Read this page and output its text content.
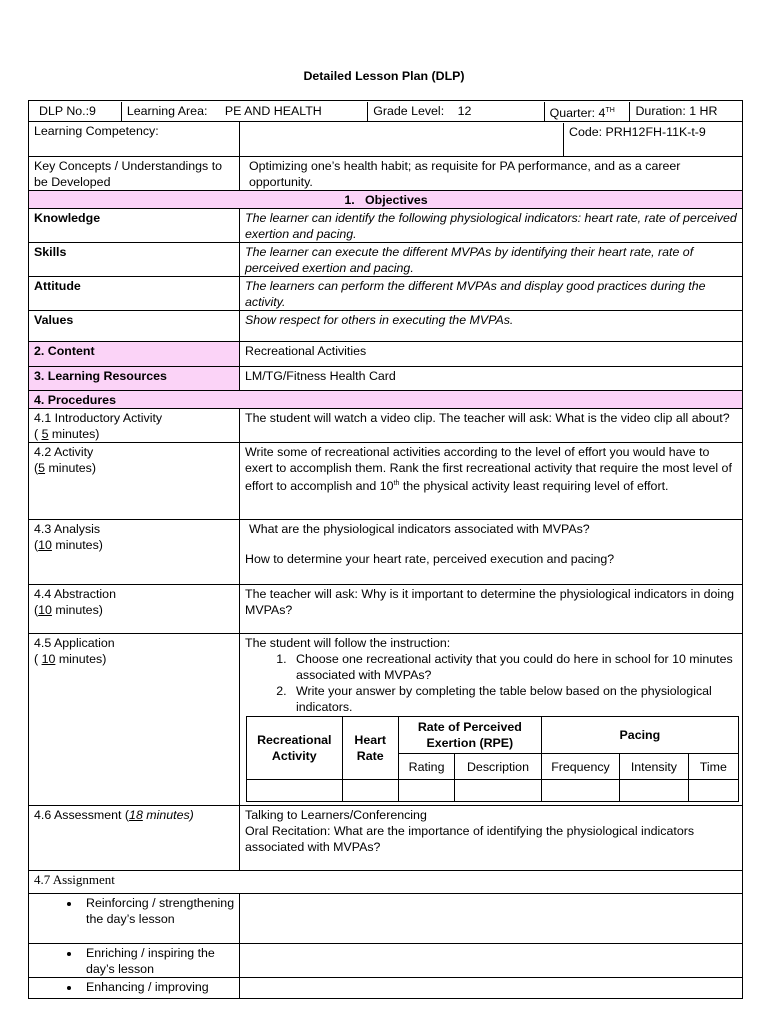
Detailed Lesson Plan (DLP)
DLP No.:9	Learning Area: PE AND HEALTH	Grade Level: 12	Quarter: 4TH	Duration: 1 HR

Learning Competency:	Code: PRH12FH-11K-t-9

Key Concepts / Understandings to be Developed	Optimizing one’s health habit; as requisite for PA performance, and as a career opportunity.
1. Objectives
Knowledge	The learner can identify the following physiological indicators: heart rate, rate of perceived exertion and pacing.
Skills	The learner can execute the different MVPAs by identifying their heart rate, rate of perceived exertion and pacing.
Attitude	The learners can perform the different MVPAs and display good practices during the activity.
Values	Show respect for others in executing the MVPAs.
2. Content	Recreational Activities
3. Learning Resources	LM/TG/Fitness Health Card
4. Procedures

4.1 Introductory Activity
( 5 minutes)
	The student will watch a video clip. The teacher will ask: What is the video clip all about?

4.2 Activity
(5 minutes)
	Write some of recreational activities according to the level of effort you would have to exert to accomplish them. Rank the first recreational activity that require the most level of effort to accomplish and 10th the physical activity least requiring level of effort.

4.3 Analysis
(10 minutes)

What are the physiological indicators associated with MVPAs?
How to determine your heart rate, perceived execution and pacing?

4.4 Abstraction
(10 minutes)
	The teacher will ask: Why is it important to determine the physiological indicators in doing MVPAs?

4.5 Application
( 10 minutes)

The student will follow the instruction:
1. Choose one recreational activity that you could do here in school for 10 minutes associated with MVPAs?
2. Write your answer by completing the table below based on the physiological indicators.
Recreational Activity	Heart Rate	Rate of Perceived Exertion (RPE)	Pacing
Rating	Description	Frequency	Intensity	Time

4.6 Assessment (18 minutes)	Talking to Learners/Conferencing
Oral Recitation: What are the importance of identifying the physiological indicators associated with MVPAs?

4.7 Assignment

• Reinforcing / strengthening the day’s lesson

• Enriching / inspiring the day’s lesson

• Enhancing / improving
